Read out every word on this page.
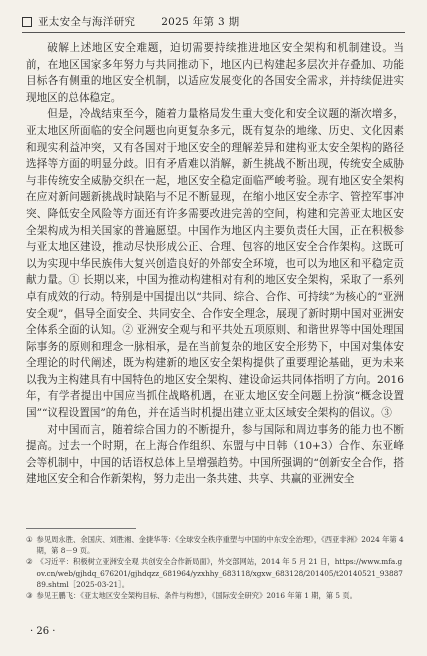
亚太安全与海洋研究 2025 年第 3 期

破解上述地区安全难题，迫切需要持续推进地区安全架构和机制建设。当前，在地区国家多年努力与共同推动下，地区内已构建起多层次并存叠加、功能目标各有侧重的地区安全机制，以适应发展变化的各国安全需求，并持续促进实现地区的总体稳定。

但是，冷战结束至今，随着力量格局发生重大变化和安全议题的渐次增多，亚太地区所面临的安全问题也向更复杂多元，既有复杂的地缘、历史、文化因素和现实利益冲突，又有各国对于地区安全的理解差异和建构亚太安全架构的路径选择等方面的明显分歧。旧有矛盾难以消解，新生挑战不断出现，传统安全威胁与非传统安全威胁交织在一起，地区安全稳定面临严峻考验。现有地区安全架构在应对新问题新挑战时缺陷与不足不断显现，在缩小地区安全赤字、管控军事冲突、降低安全风险等方面还有许多需要改进完善的空间，构建和完善亚太地区安全架构成为相关国家的普遍愿望。中国作为地区内主要负责任大国，正在积极参与亚太地区建设，推动尽快形成公正、合理、包容的地区安全合作架构。这既可以为实现中华民族伟大复兴创造良好的外部安全环境，也可以为地区和平稳定贡献力量。① 长期以来，中国为推动构建相对有利的地区安全架构，采取了一系列卓有成效的行动。特别是中国提出以“共同、综合、合作、可持续”为核心的“亚洲安全观”，倡导全面安全、共同安全、合作安全理念，展现了新时期中国对亚洲安全体系全面的认知。② 亚洲安全观与和平共处五项原则、和谐世界等中国处理国际事务的原则和理念一脉相承，是在当前复杂的地区安全形势下，中国对集体安全理论的时代阐述，既为构建新的地区安全架构提供了重要理论基础，更为未来以我为主构建具有中国特色的地区安全架构、建设命运共同体指明了方向。2016 年，有学者提出中国应当抓住战略机遇，在亚太地区安全问题上扮演“概念设置国”“议程设置国”的角色，并在适当时机提出建立亚太区域安全架构的倡议。③

对中国而言，随着综合国力的不断提升，参与国际和周边事务的能力也不断提高。过去一个时期，在上海合作组织、东盟与中日韩（10+3）合作、东亚峰会等机制中，中国的话语权总体上呈增强趋势。中国所强调的“创新安全合作，搭建地区安全和合作新架构，努力走出一条共建、共享、共赢的亚洲安全

① 参见周永胜、余国庆、刘胜湘、金捷华等：《全球安全秩序重塑与中国的中东安全治理》，《西亚非洲》2024 年第 4 期，第 8－9 页。
② 《习近平：积极树立亚洲安全观 共创安全合作新局面》，外交部网站，2014 年 5 月 21 日，https://www.mfa.gov.cn/web/gjhdq_676201/gjhdqzz_681964/yzxhhy_683118/xgxw_683128/201405/t20140521_9388789.shtml［2025-03-21］。
③ 参见王鹏飞：《亚太地区安全架构目标、条件与构想》，《国际安全研究》2016 年第 1 期，第 5 页。
· 26 ·
